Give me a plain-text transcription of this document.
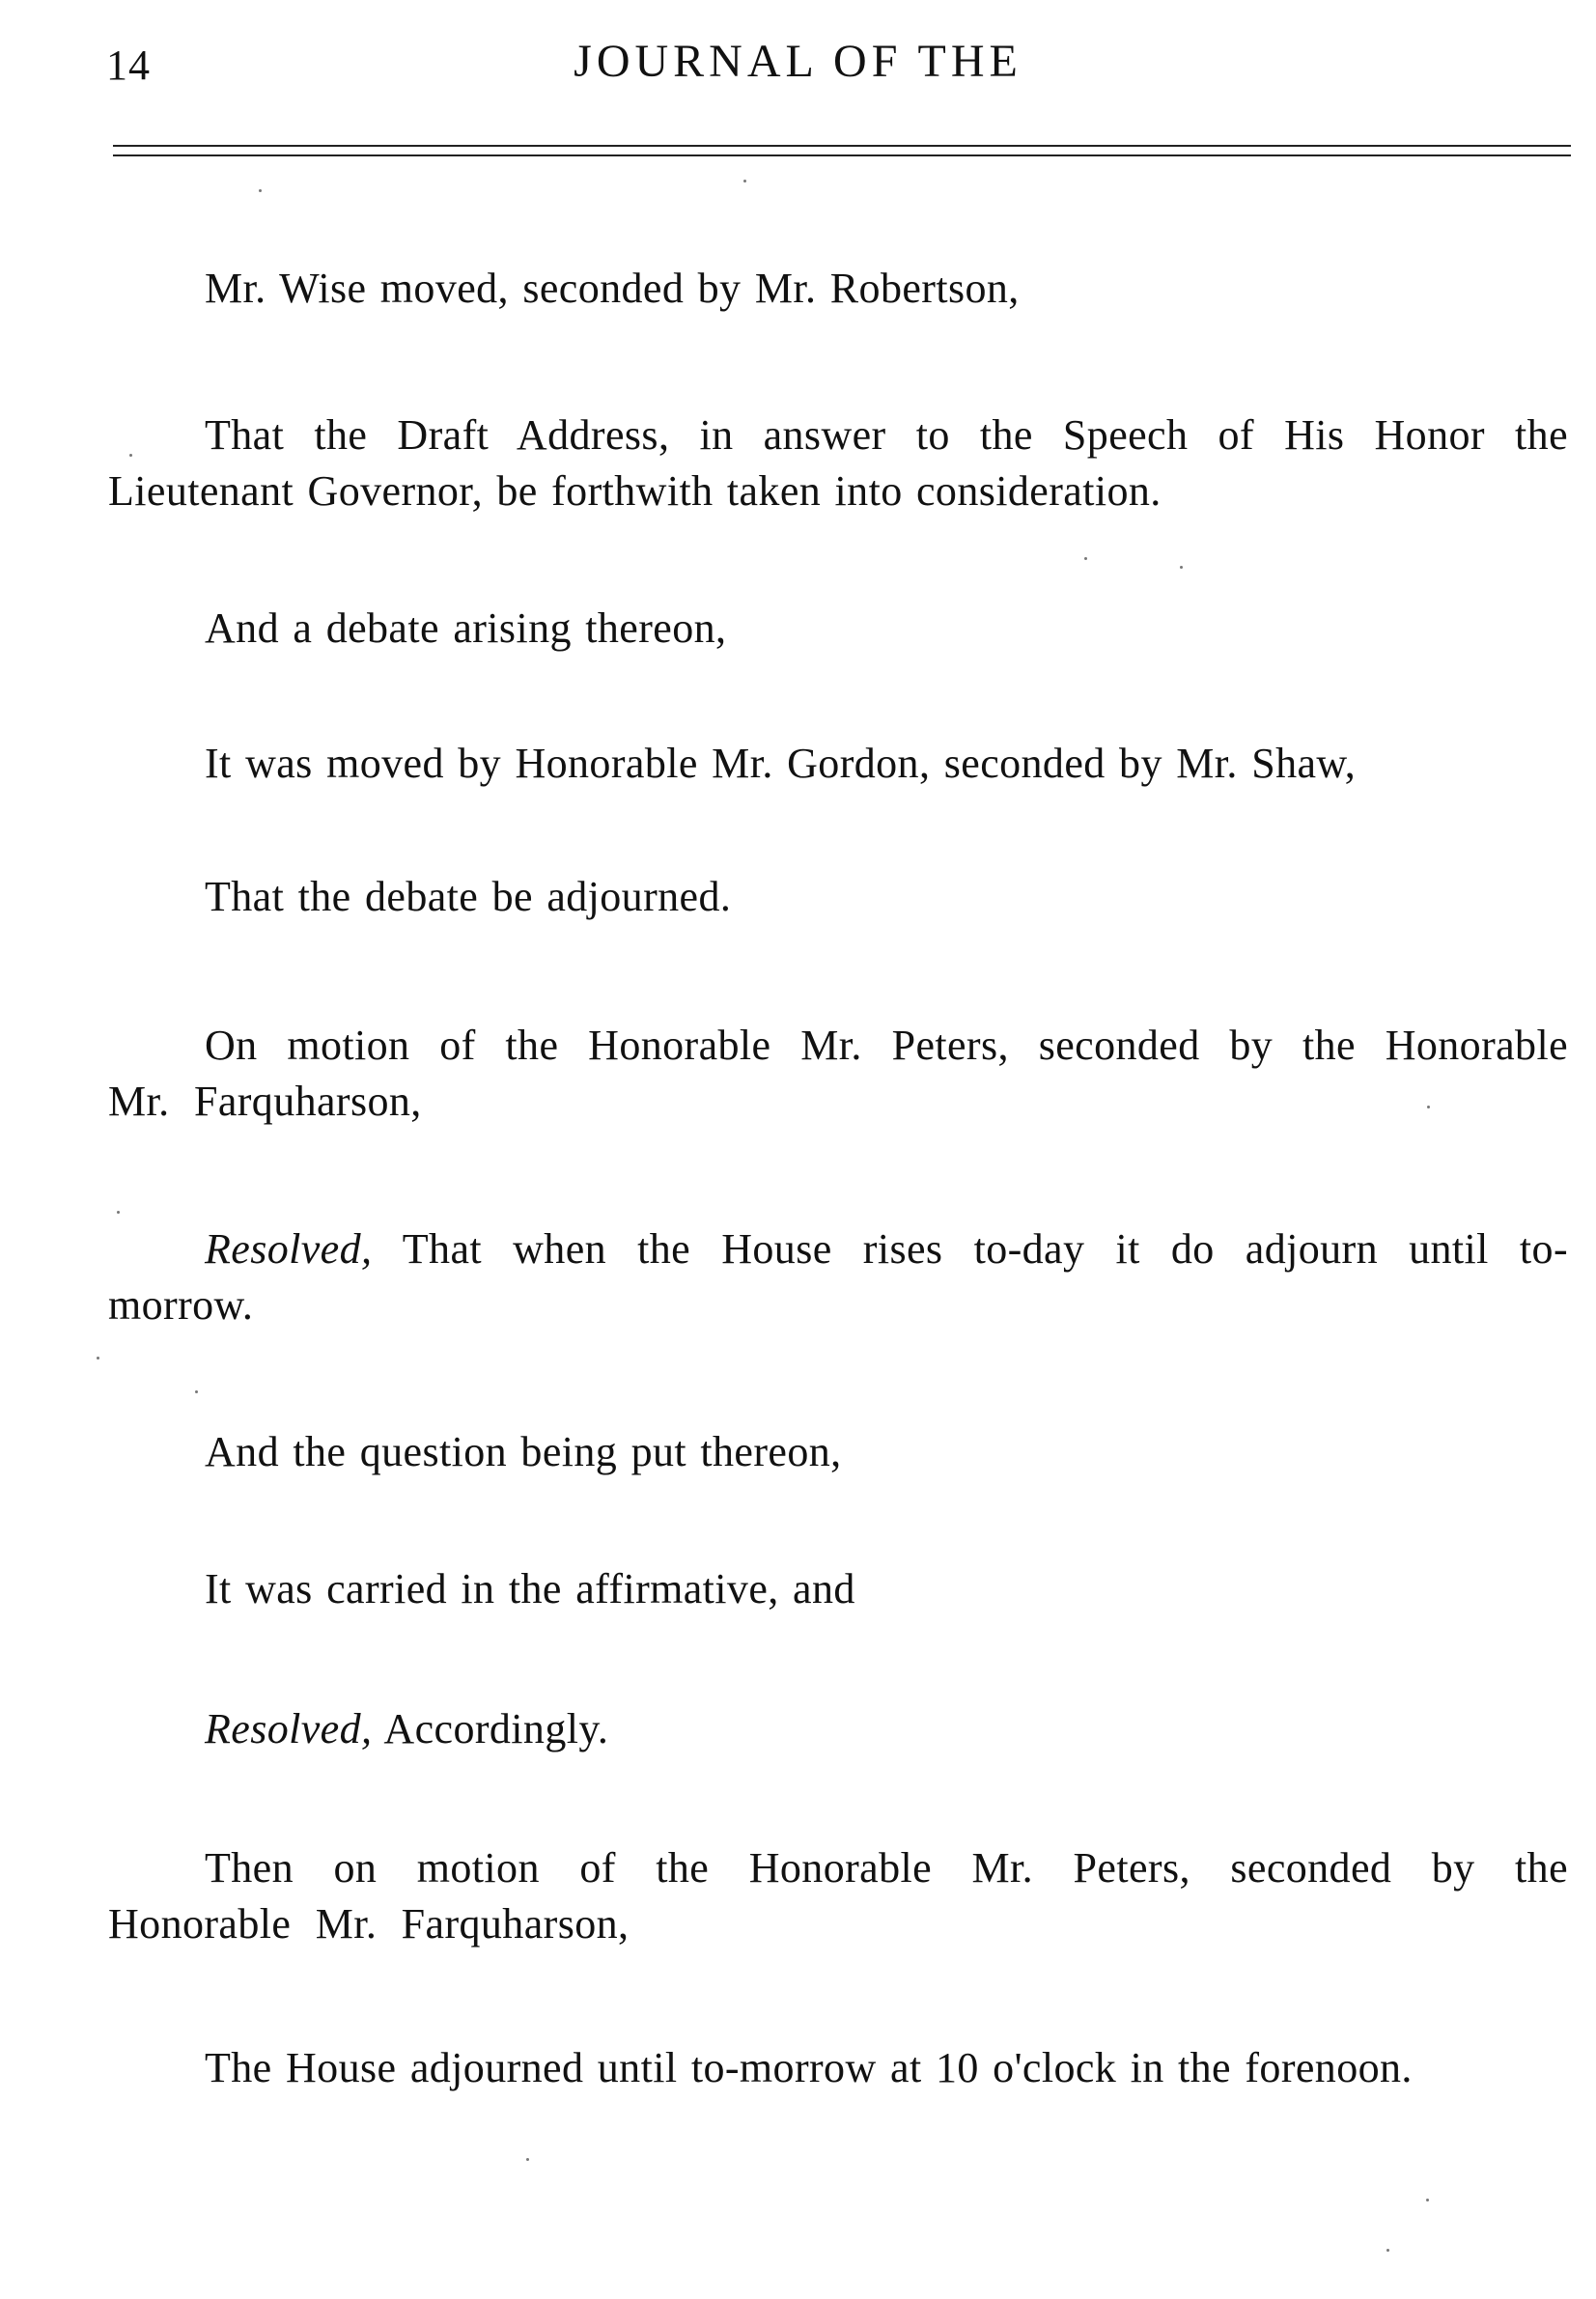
14	JOURNAL OF THE

Mr. Wise moved, seconded by Mr. Robertson,

That the Draft Address, in answer to the Speech of His Honor the Lieutenant Governor, be forthwith taken into consideration.

And a debate arising thereon,

It was moved by Honorable Mr. Gordon, seconded by Mr. Shaw,

That the debate be adjourned.

On motion of the Honorable Mr. Peters, seconded by the Honorable Mr. Farquharson,

Resolved, That when the House rises to-day it do adjourn until to-morrow.

And the question being put thereon,

It was carried in the affirmative, and

Resolved, Accordingly.

Then on motion of the Honorable Mr. Peters, seconded by the Honorable Mr. Farquharson,

The House adjourned until to-morrow at 10 o'clock in the forenoon.
